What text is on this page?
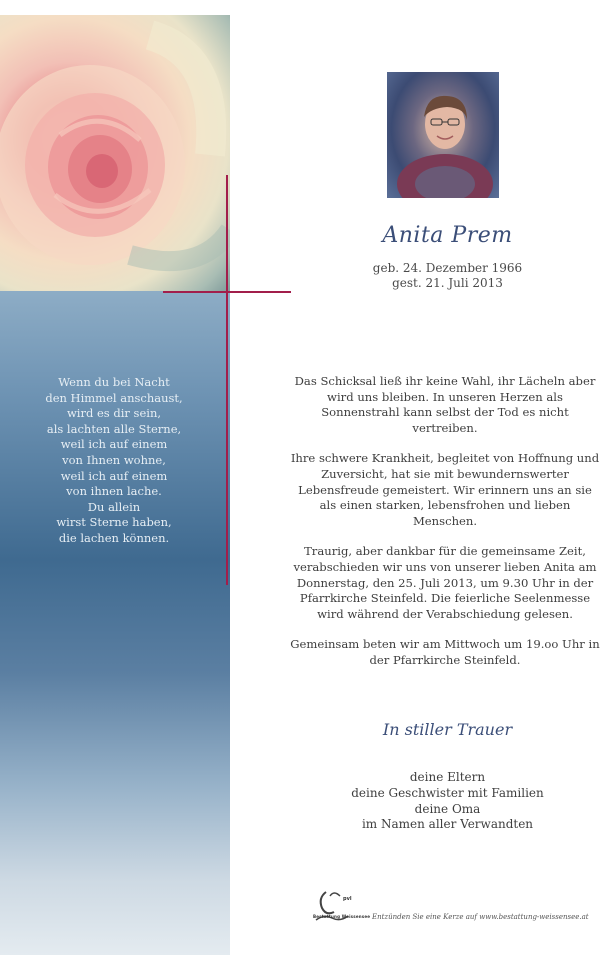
Wenn du bei Nacht
den Himmel anschaust,
wird es dir sein,
als lachten alle Sterne,
weil ich auf einem
von Ihnen wohne,
weil ich auf einem
von ihnen lache.
Du allein
wirst Sterne haben,
die lachen können.
Anita Prem
geb. 24. Dezember 1966
gest. 21. Juli 2013

Das Schicksal ließ ihr keine Wahl, ihr Lächeln aber wird uns bleiben. In unseren Herzen als Sonnenstrahl kann selbst der Tod es nicht vertreiben.

Ihre schwere Krankheit, begleitet von Hoffnung und Zuversicht, hat sie mit bewundernswerter Lebensfreude gemeistert. Wir erinnern uns an sie als einen starken, lebensfrohen und lieben Menschen.

Traurig, aber dankbar für die gemeinsame Zeit, verabschieden wir uns von unserer lieben Anita am Donnerstag, den 25. Juli 2013, um 9.30 Uhr in der Pfarrkirche Steinfeld. Die feierliche Seelenmesse wird während der Verabschiedung gelesen.

Gemeinsam beten wir am Mittwoch um 19.oo Uhr in der Pfarrkirche Steinfeld.

In stiller Trauer
deine Eltern
deine Geschwister mit Familien
deine Oma
im Namen aller Verwandten
pvl
Bestattung Weissensee Entzünden Sie eine Kerze auf www.bestattung-weissensee.at
